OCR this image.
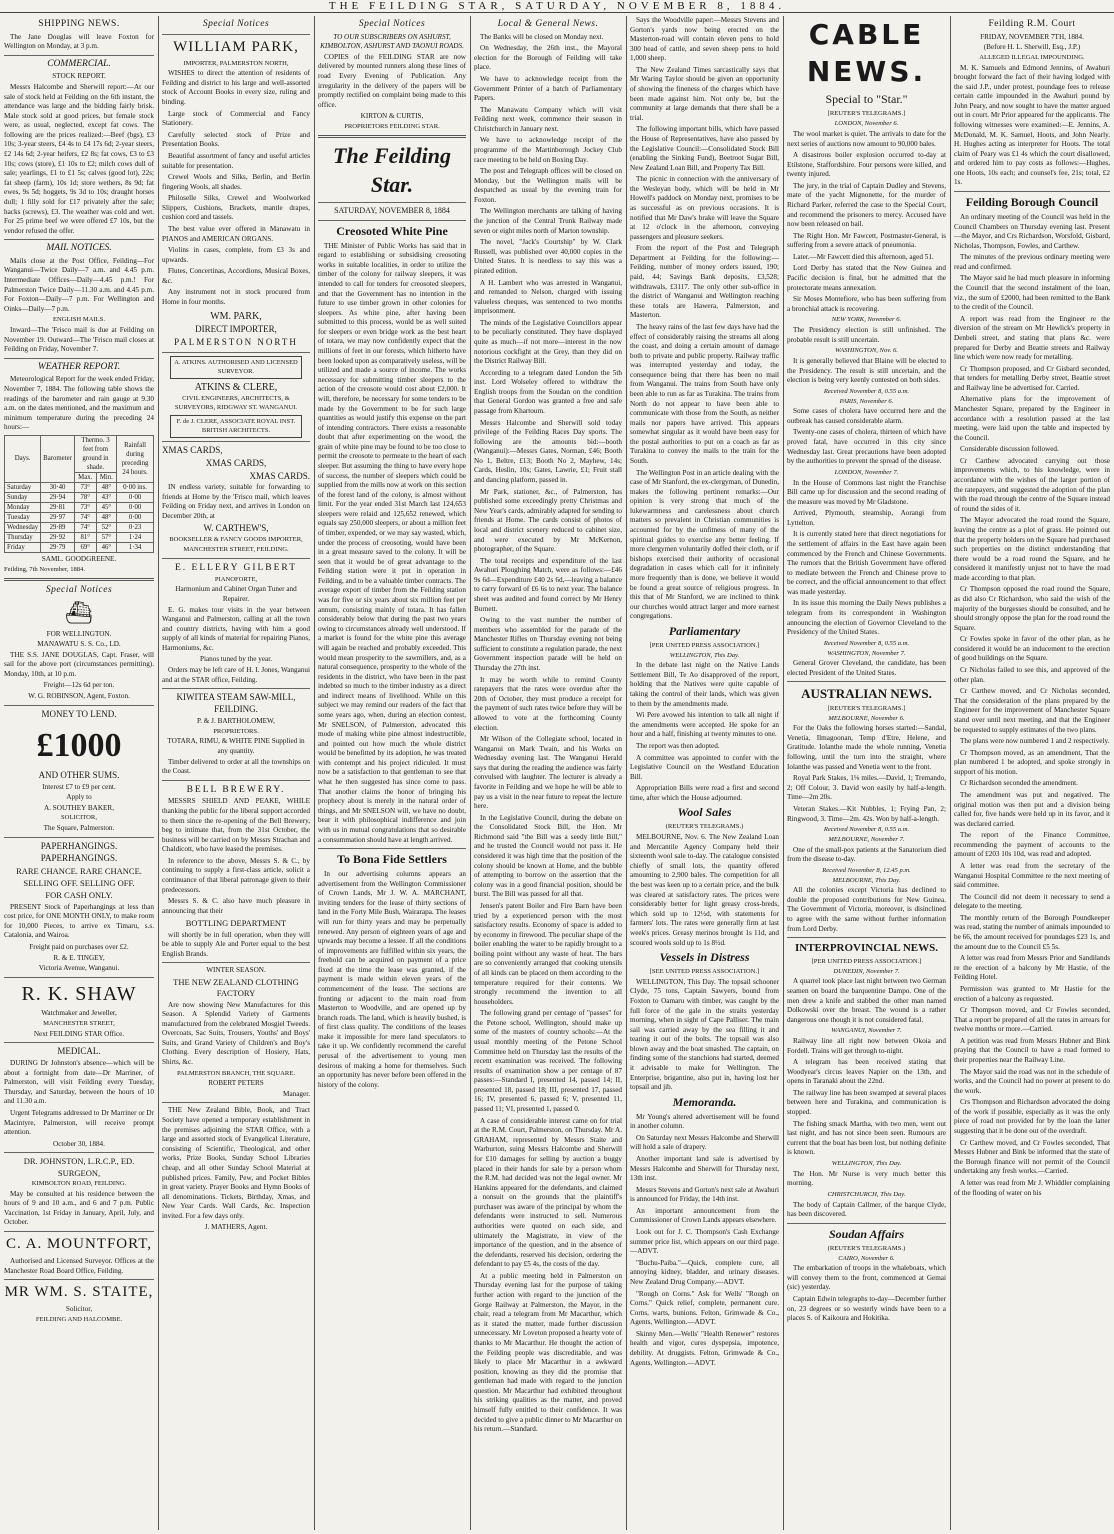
THE FEILDING STAR, SATURDAY, NOVEMBER 8, 1884.
SHIPPING NEWS.

The Jane Douglas will leave Foxton for Wellington on Monday, at 3 p.m.

COMMERCIAL.
STOCK REPORT.

Messrs Halcombe and Sherwill report:—At our sale of stock held at Feilding on the 6th instant, the attendance was large and the bidding fairly brisk. Male stock sold at good prices, but female stock were, as usual, neglected, except fat cows. The following are the prices realized:—Beef (bgs), £3 10s; 3-year steers, £4 4s to £4 17s 6d; 2-year steers, £2 14s 6d; 2-year heifers, £2 8s; fat cows, £3 to £3 10s; cows (store), £1 10s to £2; milch cows dull of sale; yearlings, £1 to £1 5s; calves (good lot), 22s; fat sheep (farm), 10s 1d; store wethers, 8s 9d; fat ewes, 9s 5d; hoggets, 9s 3d to 10s; draught horses dull; 1 filly sold for £17 privately after the sale; hacks (screws), £3. The weather was cold and wet. For 25 prime beef we were offered £7 10s, but the vendor refused the offer.

MAIL NOTICES.

Mails close at the Post Office, Feilding—For Wanganui—Twice Daily—7 a.m. and 4.45 p.m. Intermediate Offices—Daily—4.45 p.m.! For Palmerston Twice Daily—11.30 a.m. and 4.45 p.m. For Foxton—Daily—7 p.m. For Wellington and Oinks—Daily—7 p.m.

ENGLISH MAILS.

Inward—The 'Frisco mail is due at Feilding on November 19. Outward—The 'Frisco mail closes at Feilding on Friday, November 7.

WEATHER REPORT.

Meteorological Report for the week ended Friday, November 7, 1884. The following table shows the readings of the barometer and rain gauge at 9.30 a.m. on the dates mentioned, and the maximum and minimum temperature during the preceding 24 hours:—

Days.	Barometer	Thermo. 3 feet from ground in shade.		Rainfall during preceding 24 hours.
		Max.	Min.	
Saturday	30·40	73°	48°	0·00 ins.
Sunday	29·94	78°	43°	0·00
Monday	29·81	73°	45°	0·00
Tuesday	29·97	74°	48°	0·00
Wednesday	29·89	74°	52°	0·23
Thursday	29·92	81°	57°	1·24
Friday	29·79	69°	46°	1·34
SAML. GOODGREENE.
Feilding, 7th November, 1884.
Special Notices
⛴
FOR WELLINGTON.
MANAWATU S. S. Co., LD.

THE S.S. JANE DOUGLAS, Capt. Fraser, will sail for the above port (circumstances permitting). Monday, 10th, at 10 p.m.

Freight—12s 6d per ton.
W. G. ROBINSON, Agent, Foxton.
MONEY TO LEND.
£1000
AND OTHER SUMS.
Interest £7 to £9 per cent.
Apply to
A. SOUTHEY BAKER,
SOLICITOR,
The Square, Palmerston.
PAPERHANGINGS. PAPERHANGINGS.
RARE CHANCE. RARE CHANCE.
SELLING OFF. SELLING OFF.
FOR CASH ONLY.

PRESENT Stock of Paperhangings at less than cost price, for ONE MONTH ONLY, to make room for 10,000 Pieces, to arrive ex Timaru, s.s. Catalonia, and Wairoa.

Freight paid on purchases over £2.
R. & E. TINGEY,
Victoria Avenue, Wanganui.
R. K. SHAW
Watchmaker and Jeweller,
MANCHESTER STREET,
Next FEILDING STAR Office.
MEDICAL.

DURING Dr Johnston's absence—which will be about a fortnight from date—Dr Marriner, of Palmerston, will visit Feilding every Tuesday, Thursday, and Saturday, between the hours of 10 and 11.30 a.m.

Urgent Telegrams addressed to Dr Marriner or Dr Macintyre, Palmerston, will receive prompt attention.

October 30, 1884.
DR. JOHNSTON, L.R.C.P., ED. SURGEON,
KIMBOLTON ROAD, FEILDING.

May be consulted at his residence between the hours of 9 and 10 a.m., and 6 and 7 p.m. Public Vaccination, 1st Friday in January, April, July, and October.

C. A. MOUNTFORT,

Authorised and Licensed Surveyor. Offices at the Manchester Road Board Office, Feilding.

MR WM. S. STAITE,
Solicitor,
FEILDING AND HALCOMBE.
Special Notices
WILLIAM PARK,
IMPORTER, PALMERSTON NORTH,

WISHES to direct the attention of residents of Feilding and district to his large and well-assorted stock of Account Books in every size, ruling and binding.

Large stock of Commercial and Fancy Stationery.

Carefully selected stock of Prize and Presentation Books.

Beautiful assortment of fancy and useful articles suitable for presentation.

Crewel Wools and Silks, Berlin, and Berlin fingering Wools, all shades.

Philoselle Silks, Crewel and Woolworked Slippers, Cushions, Brackets, mantle drapes, cushion cord and tassels.

The best value ever offered in Manawatu in PIANOS and AMERICAN ORGANS.

Violins in cases, complete, from £3 3s and upwards.

Flutes, Concertinas, Accordions, Musical Boxes, &c.

Any instrument not in stock procured from Home in four months.

WM. PARK,
DIRECT IMPORTER,
PALMERSTON NORTH
A. ATKINS. AUTHORISED AND LICENSED SURVEYOR.
ATKINS & CLERE,
CIVIL ENGINEERS, ARCHITECTS, & SURVEYORS, RIDGWAY ST. WANGANUI.
F. de J. CLERE, ASSOCIATE ROYAL INST. BRITISH ARCHITECTS.
XMAS CARDS,
XMAS CARDS,
XMAS CARDS.

IN endless variety, suitable for forwarding to friends at Home by the 'Frisco mail, which leaves Feilding on Friday next, and arrives in London on December 20th, at

W. CARTHEW'S,
BOOKSELLER & FANCY GOODS IMPORTER,
MANCHESTER STREET, FEILDING.
E. ELLERY GILBERT
PIANOFORTE,
Harmonium and Cabinet Organ Tuner and Repairer.

E. G. makes tour visits in the year between Wanganui and Palmerston, calling at all the town and country districts, having with him a good supply of all kinds of material for repairing Pianos, Harmoniums, &c.

Pianos tuned by the year.

Orders may be left care of H. I. Jones, Wanganui and at the STAR office, Feilding.

KIWITEA STEAM SAW-MILL, FEILDING.
P. & J. BARTHOLOMEW,
PROPRIETORS.
TOTARA, RIMU, & WHITE PINE Supplied in any quantity.

Timber delivered to order at all the townships on the Coast.

BELL BREWERY.

MESSRS SHIELD AND PEAKE, WHILE thanking the public for the liberal support accorded to them since the re-opening of the Bell Brewery, beg to intimate that, from the 31st October, the business will be carried on by Messrs Strachan and Chaldicott, who have leased the premises.

In reference to the above, Messrs S. & C., by continuing to supply a first-class article, solicit a continuance of that liberal patronage given to their predecessors.

Messrs S. & C. also have much pleasure in announcing that their

BOTTLING DEPARTMENT

will shortly be in full operation, when they will be able to supply Ale and Porter equal to the best English Brands.

WINTER SEASON.
THE NEW ZEALAND CLOTHING FACTORY

Are now showing New Manufactures for this Season. A Splendid Variety of Garments manufactured from the celebrated Mosgiel Tweeds. Overcoats, Sac Suits, Trousers, Youths' and Boys' Suits, and Grand Variety of Children's and Boy's Clothing. Every description of Hosiery, Hats, Shirts, &c.

PALMERSTON BRANCH, THE SQUARE.
ROBERT PETERS
Manager.

THE New Zealand Bible, Book, and Tract Society have opened a temporary establishment in the premises adjoining the STAR Office, with a large and assorted stock of Evangelical Literature, consisting of Scientific, Theological, and other works, Prize Books, Sunday School Libraries cheap, and all other Sunday School Material at published prices. Family, Pew, and Pocket Bibles in great variety. Prayer Books and Hymn Books of all denominations. Tickets, Birthday, Xmas, and New Year Cards. Wall Cards, &c. Inspection invited. For a few days only.

J. MATHERS, Agent.
Special Notices
TO OUR SUBSCRIBERS ON ASHURST, KIMBOLTON, ASHURST AND TAONUI ROADS.

COPIES of the FEILDING STAR are now delivered by mounted runners along these lines of road Every Evening of Publication. Any irregularity in the delivery of the papers will be promptly rectified on complaint being made to this office.

KIRTON & CURTIS,
PROPRIETORS FEILDING STAR.
The Feilding Star.
SATURDAY, NOVEMBER 8, 1884
Creosoted White Pine

THE Minister of Public Works has said that in regard to establishing or subsidising creosoting works in suitable localities, in order to utilize the timber of the colony for railway sleepers, it was intended to call for tenders for creosoted sleepers, and that the Government has no intention in the future to use timber grown in other colonies for sleepers. As white pine, after having been submitted to this process, would be as well suited for sleepers or even bridge work as the best heart of totara, we may now confidently expect that the millions of feet in our forests, which hitherto have been looked upon as comparatively useless, will be utilized and made a source of income. The works necessary for submitting timber sleepers to the action of the creosote would cost about £2,000. It will, therefore, be necessary for some tenders to be made by the Government to be for such large quantities as would justify this expense on the part of intending contractors. There exists a reasonable doubt that after experimenting on the wood, the grain of white pine may be found to be too close to permit the creosote to permeate to the heart of each sleeper. But assuming the thing to have every hope of success, the number of sleepers which could be supplied from the mills now at work on this section of the forest land of the colony, is almost without limit. For the year ended 31st March last 124,653 sleepers were relaid and 125,652 renewed, which equals say 250,000 sleepers, or about a million feet of timber, expended, or we may say wasted, which, under the process of creosoting, would have been in a great measure saved to the colony. It will be seen that it would be of great advantage to the Feilding station were it put in operation in Feilding, and to be a valuable timber contracts. The average export of timber from the Feilding station was for five or six years about six million feet per annum, consisting mainly of totara. It has fallen considerably below that during the past two years owing to circumstances already well understood. If a market is found for the white pine this average will again be reached and probably exceeded. This would mean prosperity to the sawmillers, and, as a natural consequence, prosperity to the whole of the residents in the district, who have been in the past indebted so much to the timber industry as a direct and indirect means of livelihood. While on this subject we may remind our readers of the fact that some years ago, when, during an election contest, Mr SNELSON, of Palmerston, advocated this mode of making white pine almost indestructible, and pointed out how much the whole district would be benefitted by its adoption, he was treated with contempt and his project ridiculed. It must now be a satisfaction to that gentleman to see that what he then suggested has since come to pass. That another claims the honor of bringing his prophecy about is merely in the natural order of things, and Mr SNELSON will, we have no doubt, bear it with philosophical indifference and join with us in mutual congratulations that so desirable a consummation should have at length arrived.

To Bona Fide Settlers

In our advertising columns appears an advertisement from the Wellington Commissioner of Crown Lands, Mr J. W. A. MARCHANT, inviting tenders for the lease of thirty sections of land in the Forty Mile Bush, Wairarapa. The leases will run for thirty years and may be perpetually renewed. Any person of eighteen years of age and upwards may become a lessee. If all the conditions of improvements are fulfilled within six years, the freehold can be acquired on payment of a price fixed at the time the lease was granted, if the payment is made within eleven years of the commencement of the lease. The sections are fronting or adjacent to the main road from Masterton to Woodville, and are opened up by branch roads. The land, which is heavily bushed, is of first class quality. The conditions of the leases make it impossible for mere land speculators to take it up. We confidently recommend the careful perusal of the advertisement to young men desirous of making a home for themselves. Such an opportunity has never before been offered in the history of the colony.

Local & General News.

The Banks will be closed on Monday next.

On Wednesday, the 26th inst., the Mayoral election for the Borough of Feilding will take place.

We have to acknowledge receipt from the Government Printer of a batch of Parliamentary Papers.

The Manawatu Company which will visit Feilding next week, commence their season in Christchurch in January next.

We have to acknowledge receipt of the programme of the Martinborough Jockey Club race meeting to be held on Boxing Day.

The post and Telegraph offices will be closed on Monday, but the Wellington mails will be despatched as usual by the evening train for Foxton.

The Wellington merchants are talking of having the junction of the Central Trunk Railway made seven or eight miles north of Marton township.

The novel, "Jack's Courtship" by W. Clark Russell, was published over 40,000 copies in the United States. It is needless to say this was a pirated edition.

A H. Lambert who was arrested in Wanganui, and remanded to Nelson, charged with issuing valueless cheques, was sentenced to two months imprisonment.

The minds of the Legislative Councillors appear to be peculiarly constituted. They have displayed quite as much—if not more—interest in the now notorious cockfight at the Grey, than they did on the District Railway Bill.

According to a telegram dated London the 5th inst. Lord Wolseley offered to withdraw the English troops from the Soudan on the condition that General Gordon was granted a free and safe passage from Khartoum.

Messrs Halcombe and Sherwill sold today privilege of the Feilding Races Day sports. The following are the amounts bid:—booth (Wanganui):—Messrs Gates, Norman, £46; Booth No 1, Beltre, £13; Booth No 2, Mayhew, 14s; Cards, Heslin, 10s; Gates, Lawrie, £1; Fruit stall and dancing platform, passed in.

Mr Park, stationer, &c., of Palmerston, has published some exceedingly pretty Christmas and New Year's cards, admirably adapted for sending to friends at Home. The cards consist of photos of local and district scenery reduced to cabinet size, and were executed by Mr McKernon, photographer, of the Square.

The total receipts and expenditure of the last Awahuri Ploughing Match, were as follows:—£46 9s 6d—Expenditure £40 2s 6d,—leaving a balance to carry forward of £6 6s to next year. The balance sheet was audited and found correct by Mr Henry Burnett.

Owing to the vast number the number of members who assembled for the parade of the Manchester Rifles on Thursday evening not being sufficient to constitute a regulation parade, the next Government inspection parade will be held on Thursday the 27th inst.

It may be worth while to remind County ratepayers that the rates were overdue after the 20th of October, they must produce a receipt for the payment of such rates twice before they will be allowed to vote at the forthcoming County election.

Mr Wilson of the Collegiate school, located in Wanganui on Mark Twain, and his Works on Wednesday evening last. The Wanganui Herald says that during the reading the audience was fairly convulsed with laughter. The lecturer is already a favorite in Feilding and we hope he will be able to pay us a visit in the near future to repeat the lecture here.

In the Legislative Council, during the debate on the Consolidated Stock Bill, the Hon. Mr Richmond said "the Bill was a seedy little Bill," and he trusted the Council would not pass it. He considered it was high time that the position of the colony should be known at Home, and the bubble of attempting to borrow on the assertion that the colony was in a good financial position, should be burst. The Bill was passed for all that.

Jensen's patent Boiler and Fire Barn have been tried by a experienced person with the most satisfactory results. Economy of space is added to by economy in firewood. The peculiar shape of the boiler enabling the water to be rapidly brought to a boiling point without any waste of heat. The bars are so conveniently arranged that cooking utensils of all kinds can be placed on them according to the temperature required for their contents. We strongly recommend the invention to all householders.

The following grand per centage of "passes" for the Petone school, Wellington, should make up some of the masters of country schools:—At the usual monthly meeting of the Petone School Committee held on Thursday last the results of the recent examination was received. The following results of examination show a per centage of 87 passes:—Standard I, presented 14, passed 14; II, presented 18, passed 18; III, presented 17, passed 16; IV, presented 6, passed 6; V, presented 11, passed 11; VI, presented 1, passed 0.

A case of considerable interest came on for trial at the R.M. Court, Palmerston, on Thursday. Mr A. GRAHAM, represented by Messrs Staite and Warburton, suing Messrs Halcombe and Sherwill for £10 damages for selling by auction a buggy placed in their hands for sale by a person whom the R.M. had decided was not the legal owner. Mr Hankins appeared for the defendants, and claimed a nonsuit on the grounds that the plaintiff's purchaser was aware of the principal by whom the defendants were instructed to sell. Numerous authorities were quoted on each side, and ultimately the Magistrate, in view of the importance of the question, and in the absence of the defendants, reserved his decision, ordering the defendant to pay £5 4s, the costs of the day.

At a public meeting held in Palmerston on Thursday evening last for the purpose of taking further action with regard to the junction of the Gorge Railway at Palmerston, the Mayor, in the chair, read a telegram from Mr Macarthur, which as it stated the matter, made further discussion unnecessary. Mr Loveton proposed a hearty vote of thanks to Mr Macarthur. He thought the action of the Feilding people was discreditable, and was likely to place Mr Macarthur in a awkward position, knowing as they did the promise that gentleman had made with regard to the junction question. Mr Macarthur had exhibited throughout his striking qualities as the matter, and proved himself fully entitled to their confidence. It was decided to give a public dinner to Mr Macarthur on his return.—Standard.

Says the Woodville paper:—Messrs Stevens and Gorton's yards now being erected on the Masterton-road will contain eleven pens to hold 300 head of cattle, and seven sheep pens to hold 1,000 sheep.

The New Zealand Times sarcastically says that Mr Waring Taylor should be given an opportunity of showing the fineness of the charges which have been made against him. Not only be, but the community at large demands that there shall be a trial.

The following important bills, which have passed the House of Representatives, have also passed by the Legislative Council:—Consolidated Stock Bill (enabling the Sinking Fund), Beetroot Sugar Bill, New Zealand Loan Bill, and Property Tax Bill.

The picnic in connection with the anniversary of the Wesleyan body, which will be held in Mr Howell's paddock on Monday next, promises to be as successful as on previous occasions. It is notified that Mr Daw's brake will leave the Square at 12 o'clock in the afternoon, conveying passengers and pleasure seekers.

From the report of the Post and Telegraph Department at Feilding for the following:—Feilding, number of money orders issued, 190; paid, 44; Savings Bank deposits, £3,528; withdrawals, £3117. The only other sub-office in the district of Wanganui and Wellington reaching these totals are Hawera, Palmerston, and Masterton.

The heavy rains of the last few days have had the effect of considerably raising the streams all along the coast, and doing a certain amount of damage both to private and public property. Railway traffic was interrupted yesterday and today, the consequence being that there has been no mail from Wanganui. The trains from South have only been able to run as far as Turakina. The trains from North do not appear to have been able to communicate with those from the South, as neither mails nor papers have arrived. This appears somewhat singular as it would have been easy for the postal authorities to put on a coach as far as Turakina to convey the mails to the train for the South.

The Wellington Post in an article dealing with the case of Mr Stanford, the ex-clergyman, of Dunedin, makes the following pertinent remarks:—Our opinion is very strong that much of the lukewarmness and carelessness about church matters so prevalent in Christian communities is accounted for by the unfitness of many of the spiritual guides to exercise any better feeling. If more clergymen voluntarily doffed their cloth, or if bishops exercised their authority of occasional degradation in cases which call for it infinitely more frequently than is done, we believe it would be found a great source of religious progress. In this that of Mr Stanford, we are inclined to think our churches would attract larger and more earnest congregations.

Parliamentary
[PER UNITED PRESS ASSOCIATION.]
WELLINGTON, This Day.

In the debate last night on the Native Lands Settlement Bill, Te Ao disapproved of the report, holding that the Natives were quite capable of taking the control of their lands, which was given to them by the amendments made.

Wi Pere avowed his intention to talk all night if the amendments were accepted. He spoke for an hour and a half, finishing at twenty minutes to one.

The report was then adopted.

A committee was appointed to confer with the Legislative Council on the Westland Education Bill.

Appropriation Bills were read a first and second time, after which the House adjourned.

Wool Sales
(REUTER'S TELEGRAMS.)

MELBOURNE, Nov. 6. The New Zealand Loan and Mercantile Agency Company held their sixteenth wool sale to-day. The catalogue consisted chiefly of small lots, the quantity offered amounting to 2,900 bales. The competition for all the best was keen up to a certain price, and the bulk was cleared at satisfactory rates. The prices were considerably better for light greasy cross-breds, which sold up to 12½d, with statements for farmers' lots. The rates were generally firm at last week's prices. Greasy merinos brought 1s 11d, and scoured wools sold up to 1s 8½d.

Vessels in Distress
[SEE UNITED PRESS ASSOCIATION.]

WELLINGTON, This Day. The topsail schooner Clyde, 75 tons, Captain Sawyers, bound from Foxton to Oamaru with timber, was caught by the full force of the gale in the straits yesterday morning, when in sight of Cape Palliser. The main sail was carried away by the sea filling it and tearing it out of the bolts. The topsail was also blown away and the boat smashed. The captain, on finding some of the stanchions had started, deemed it advisable to make for Wellington. The Enterprise, brigantine, also put in, having lost her topsail and jib.

Memoranda.

Mr Young's altered advertisement will be found in another column.

On Saturday next Messrs Halcombe and Sherwill will hold a sale of drapery.

Another important land sale is advertised by Messrs Halcombe and Sherwill for Thursday next, 13th inst.

Messrs Stevens and Gorton's next sale at Awahuri is announced for Friday, the 14th inst.

An important announcement from the Commissioner of Crown Lands appears elsewhere.

Look out for J. C. Thompson's Cash Exchange summer price list, which appears on our third page.—ADVT.

"Buchu-Paiba."—Quick, complete cure, all annoying kidney, bladder, and urinary diseases. New Zealand Drug Company.—ADVT.

"Rough on Corns." Ask for Wells' "Rough on Corns." Quick relief, complete, permanent cure. Corns, warts, bunions. Felton, Grimwade & Co., Agents, Wellington.—ADVT.

Skinny Men.—Wells' "Health Renewer" restores health and vigor, cures dyspepsia, impotence, debility. At druggists. Felton, Grimwade & Co., Agents, Wellington.—ADVT.

CABLE NEWS.
Special to "Star."
[REUTER'S TELEGRAMS.]
LONDON, November 6.

The wool market is quiet. The arrivals to date for the next series of auctions now amount to 90,000 bales.

A disastrous boiler explosion occurred to-day at Etilstone, Staffordshire. Four persons were killed, and twenty injured.

The jury, in the trial of Captain Dudley and Stevens, mate of the yacht Mignonette, for the murder of Richard Parker, referred the case to the Special Court, and recommend the prisoners to mercy. Accused have now been released on bail.

The Right Hon. Mr Fawcett, Postmaster-General, is suffering from a severe attack of pneumonia.

Later.—Mr Fawcett died this afternoon, aged 51.

Lord Derby has stated that the New Guinea and Pacific decision is final, but he admitted that the protectorate means annexation.

Sir Moses Montefiore, who has been suffering from a bronchial attack is recovering.

NEW YORK, November 6.

The Presidency election is still unfinished. The probable result is still uncertain.

WASHINGTON, Nov. 6.

It is generally believed that Blaine will be elected to the Presidency. The result is still uncertain, and the election is being very keenly contested on both sides.

Received November 8, 0.55 a.m.
PARIS, November 6.

Some cases of cholera have occurred here and the outbreak has caused considerable alarm.

Twenty-one cases of cholera, thirteen of which have proved fatal, have occurred in this city since Wednesday last. Great precautions have been adopted by the authorities to prevent the spread of the disease.

LONDON, November 7.

In the House of Commons last night the Franchise Bill came up for discussion and the second reading of the measure was moved by Mr Gladstone.

Arrived, Plymouth, steamship, Aorangi from Lyttelton.

It is currently stated here that direct negotiations for the settlement of affairs in the East have again been commenced by the French and Chinese Governments. The rumors that the British Government have offered to mediate between the French and Chinese prove to be correct, and the official announcement to that effect was made yesterday.

In its issue this morning the Daily News publishes a telegram from its correspondent in Washington announcing the election of Governor Cleveland to the Presidency of the United States.

Received November 8, 0.55 a.m.
WASHINGTON, November 7.

General Grover Cleveland, the candidate, has been elected President of the United States.

AUSTRALIAN NEWS.
[REUTER'S TELEGRAMS.]
MELBOURNE, November 6.

For the Oaks the following horses started:—Sandal, Venetia, Ilmagoonan, Temp d'Etre, Helene, and Gratitude. Iolanthe made the whole running, Venetia following, until the turn into the straight, where Iolanthe was passed and Venetia went to the front.

Royal Park Stakes, 1⅛ miles.—David, 1; Tremando, 2; Off Colour, 3. David won easily by half-a-length. Time—2m 20s.

Veteran Stakes.—Kit Nubbles, 1; Frying Pan, 2; Ringwood, 3. Time—2m. 42s. Won by half-a-length.

Received November 8, 0.55 a.m.
MELBOURNE, November 7.

One of the small-pox patients at the Sanatorium died from the disease to-day.

Received November 8, 12.45 p.m.
MELBOURNE, This Day.

All the colonies except Victoria has declined to double the proposed contributions for New Guinea. The Government of Victoria, moreover, is disinclined to agree with the same without further information from Lord Derby.

INTERPROVINCIAL NEWS.
[PER UNITED PRESS ASSOCIATION.]
DUNEDIN, November 7.

A quarrel took place last night between two German seamen on board the barquentine Dampo. One of the men drew a knife and stabbed the other man named Dolkowski over the breast. The wound is a rather dangerous one though it is not considered fatal.

WANGANUI, November 7.

Railway line all right now between Okoia and Fordell. Trains will get through to-night.

A telegram has been received stating that Woodyear's circus leaves Napier on the 13th, and opens in Taranaki about the 22nd.

The railway line has been swamped at several places between here and Turakina, and communication is stopped.

The fishing smack Martha, with two men, went out last night, and has not since been seen. Rumours are current that the boat has been lost, but nothing definite is known.

WELLINGTON, This Day.

The Hon. Mr Nurse is very much better this morning.

CHRISTCHURCH, This Day.

The body of Captain Callmer, of the barque Clyde, has been discovered.

Soudan Affairs
(REUTER'S TELEGRAMS.)
CAIRO, November 6.

The embarkation of troops in the whaleboats, which will convey them to the front, commenced at Gemai (sic) yesterday.

Captain Edwin telegraphs to-day—December further on, 23 degrees or so westerly winds have been to a places S. of Kaikoura and Hokitika.

Feilding R.M. Court
FRIDAY, NOVEMBER 7TH, 1884.
(Before H. L. Sherwill, Esq., J.P.)
ALLEGED ILLEGAL IMPOUNDING.

M. K. Samuels and Edmond Jennins, of Awahuri brought forward the fact of their having lodged with the said J.P., under protest, poundage fees to release certain cattle impounded in the Awahuri pound by John Peary, and now sought to have the matter argued out in court. Mr Prior appeared for the applicants. The following witnesses were examined:—E. Jennins, A. McDonald, M. K. Samuel, Hoots, and John Nearly. H. Hughes acting as interpreter for Hoots. The total claim of Peary was £1 4s which the court disallowed, and ordered him to pay costs as follows:—Hughes, one Hoots, 10s each; and counsel's fee, 21s; total, £2 1s.

Feilding Borough Council

An ordinary meeting of the Council was held in the Council Chambers on Thursday evening last. Present—the Mayor, and Crs Richardson, Worsfold, Gisbard, Nicholas, Thompson, Fowles, and Carthew.

The minutes of the previous ordinary meeting were read and confirmed.

The Mayor said he had much pleasure in informing the Council that the second instalment of the loan, viz., the sum of £2000, had been remitted to the Bank to the credit of the Council.

A report was read from the Engineer re the diversion of the stream on Mr Hewlick's property in Denbeli street, and stating that plans &c. were prepared for Derby and Beattie streets and Railway line which were now ready for metalling.

Cr Thompson proposed, and Cr Gisbard seconded, that tenders for metalling Derby street, Beattie street and Railway line be advertised for. Carried.

Alternative plans for the improvement of Manchester Square, prepared by the Engineer in accordance with a resolution passed at the last meeting, were laid upon the table and inspected by the Council.

Considerable discussion followed.

Cr Carthew advocated carrying out those improvements which, to his knowledge, were in accordance with the wishes of the larger portion of the ratepayers, and suggested the adoption of the plan with the road through the centre of the Square instead of round the sides of it.

The Mayor advocated the road round the Square, leaving the centre as a plot of grass. He pointed out that the property holders on the Square had purchased such properties on the distinct understanding that there would be a road round the Square, and he considered it manifestly unjust not to have the road made according to that plan.

Cr Thompson opposed the road round the Square, as did also Cr Richardson, who said the wish of the majority of the burgesses should be consulted, and he should strongly oppose the plan for the road round the Square.

Cr Fowles spoke in favor of the other plan, as he considered it would be an inducement to the erection of good buildings on the Square.

Cr Nicholas failed to see this, and approved of the other plan.

Cr Carthew moved, and Cr Nicholas seconded, That the consideration of the plans prepared by the Engineer for the improvement of Manchester Square stand over until next meeting, and that the Engineer be requested to supply estimates of the two plans.

The plans were now numbered 1 and 2 respectively.

Cr Thompson moved, as an amendment, That the plan numbered 1 be adopted, and spoke strongly in support of his motion.

Cr Richardson seconded the amendment.

The amendment was put and negatived. The original motion was then put and a division being called for, five hands were held up in its favor, and it was declared carried.

The report of the Finance Committee, recommending the payment of accounts to the amount of £203 10s 10d, was read and adopted.

A letter was read from the secretary of the Wanganui Hospital Committee re the next meeting of said committee.

The Council did not deem it necessary to send a delegate to the meeting.

The monthly return of the Borough Poundkeeper was read, stating the number of animals impounded to be 66, the amount received for poundages £23 1s, and the amount due to the Council £5 5s.

A letter was read from Messrs Prior and Sandilands re the erection of a balcony by Mr Hastie, of the Feilding Hotel.

Permission was granted to Mr Hastie for the erection of a balcony as requested.

Cr Thompson moved, and Cr Fowles seconded, That a report be prepared of all the rates in arrears for twelve months or more.—Carried.

A petition was read from Messrs Hubner and Bink praying that the Council to have a road formed to their properties near the Railway Line.

The Mayor said the road was not in the schedule of works, and the Council had no power at present to do the work.

Crs Thompson and Richardson advocated the doing of the work if possible, especially as it was the only piece of road not provided for by the loan the latter suggesting that it be done out of the overdraft.

Cr Carthew moved, and Cr Fowles seconded, That Messrs Hubner and Bink be informed that the state of the Borough finance will not permit of the Council undertaking any fresh works.—Carried.

A letter was read from Mr J. Whiddler complaining of the flooding of water on his
